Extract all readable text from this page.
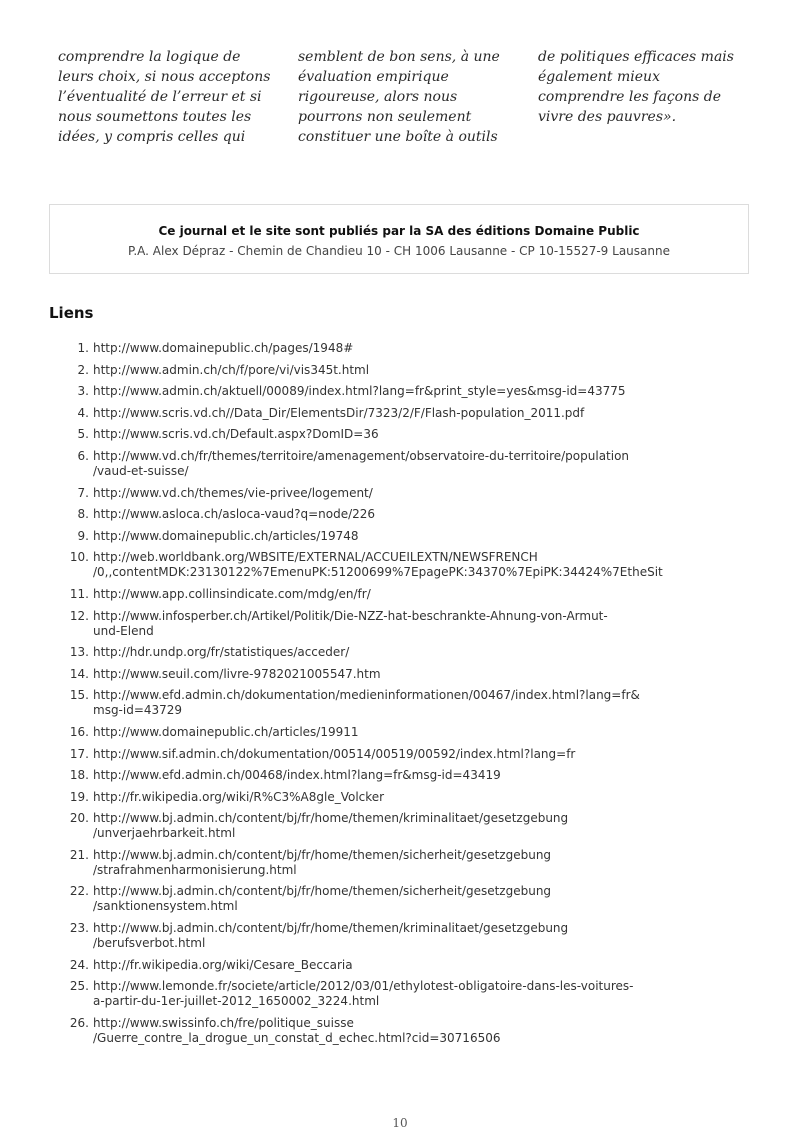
comprendre la logique de
leurs choix, si nous acceptons
l’éventualité de l’erreur et si
nous soumettons toutes les
idées, y compris celles qui

semblent de bon sens, à une
évaluation empirique
rigoureuse, alors nous
pourrons non seulement
constituer une boîte à outils

de politiques efficaces mais
également mieux
comprendre les façons de
vivre des pauvres».

Ce journal et le site sont publiés par la SA des éditions Domaine Public
P.A. Alex Dépraz - Chemin de Chandieu 10 - CH 1006 Lausanne - CP 10-15527-9 Lausanne
Liens
1. http://www.domainepublic.ch/pages/1948#
2. http://www.admin.ch/ch/f/pore/vi/vis345t.html
3. http://www.admin.ch/aktuell/00089/index.html?lang=fr&print_style=yes&msg-id=43775
4. http://www.scris.vd.ch//Data_Dir/ElementsDir/7323/2/F/Flash-population_2011.pdf
5. http://www.scris.vd.ch/Default.aspx?DomID=36
6. http://www.vd.ch/fr/themes/territoire/amenagement/observatoire-du-territoire/population
/vaud-et-suisse/
7. http://www.vd.ch/themes/vie-privee/logement/
8. http://www.asloca.ch/asloca-vaud?q=node/226
9. http://www.domainepublic.ch/articles/19748
10. http://web.worldbank.org/WBSITE/EXTERNAL/ACCUEILEXTN/NEWSFRENCH
/0,,contentMDK:23130122%7EmenuPK:51200699%7EpagePK:34370%7EpiPK:34424%7EtheSit
11. http://www.app.collinsindicate.com/mdg/en/fr/
12. http://www.infosperber.ch/Artikel/Politik/Die-NZZ-hat-beschrankte-Ahnung-von-Armut-
und-Elend
13. http://hdr.undp.org/fr/statistiques/acceder/
14. http://www.seuil.com/livre-9782021005547.htm
15. http://www.efd.admin.ch/dokumentation/medieninformationen/00467/index.html?lang=fr&
msg-id=43729
16. http://www.domainepublic.ch/articles/19911
17. http://www.sif.admin.ch/dokumentation/00514/00519/00592/index.html?lang=fr
18. http://www.efd.admin.ch/00468/index.html?lang=fr&msg-id=43419
19. http://fr.wikipedia.org/wiki/R%C3%A8gle_Volcker
20. http://www.bj.admin.ch/content/bj/fr/home/themen/kriminalitaet/gesetzgebung
/unverjaehrbarkeit.html
21. http://www.bj.admin.ch/content/bj/fr/home/themen/sicherheit/gesetzgebung
/strafrahmenharmonisierung.html
22. http://www.bj.admin.ch/content/bj/fr/home/themen/sicherheit/gesetzgebung
/sanktionensystem.html
23. http://www.bj.admin.ch/content/bj/fr/home/themen/kriminalitaet/gesetzgebung
/berufsverbot.html
24. http://fr.wikipedia.org/wiki/Cesare_Beccaria
25. http://www.lemonde.fr/societe/article/2012/03/01/ethylotest-obligatoire-dans-les-voitures-
a-partir-du-1er-juillet-2012_1650002_3224.html
26. http://www.swissinfo.ch/fre/politique_suisse
/Guerre_contre_la_drogue_un_constat_d_echec.html?cid=30716506
10
